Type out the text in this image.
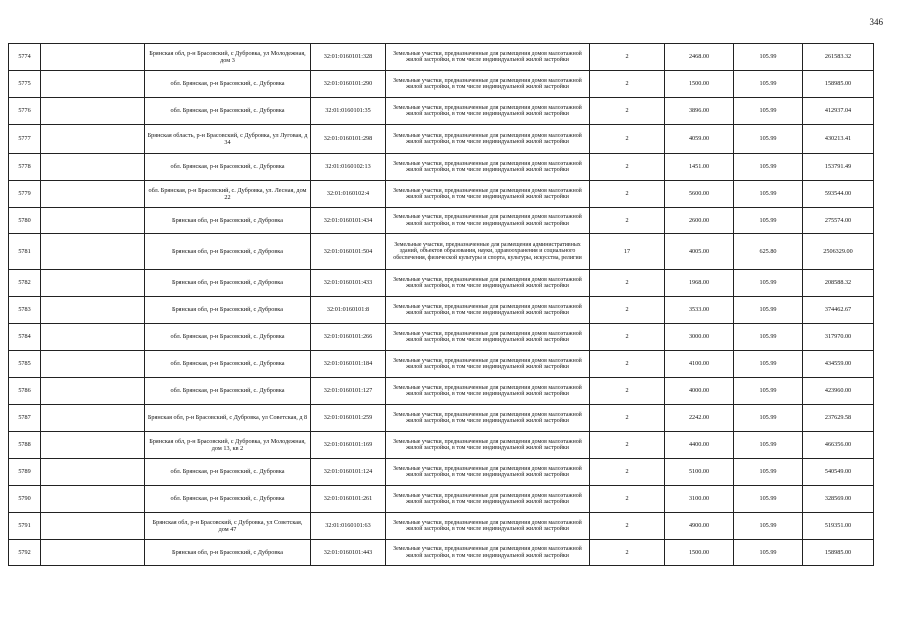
346
5774		Брянская обл, р-н Брасовский, с Дубровка, ул Молодежная, дом 3	32:01:0160101:328	Земельные участки, предназначенные для размещения домов малоэтажной жилой застройки, в том числе индивидуальной жилой застройки	2	2468.00	105.99	261583.32
5775		обл. Брянская, р-н Брасовский, с. Дубровка	32:01:0160101:290	Земельные участки, предназначенные для размещения домов малоэтажной жилой застройки, в том числе индивидуальной жилой застройки	2	1500.00	105.99	158985.00
5776		обл. Брянская, р-н Брасовский, с. Дубровка	32:01:0160101:35	Земельные участки, предназначенные для размещения домов малоэтажной жилой застройки, в том числе индивидуальной жилой застройки	2	3896.00	105.99	412937.04
5777		Брянская область, р-н Брасовский, с Дубровка, ул Луговая, д 34	32:01:0160101:298	Земельные участки, предназначенные для размещения домов малоэтажной жилой застройки, в том числе индивидуальной жилой застройки	2	4059.00	105.99	430213.41
5778		обл. Брянская, р-н Брасовский, с. Дубровка	32:01:0160102:13	Земельные участки, предназначенные для размещения домов малоэтажной жилой застройки, в том числе индивидуальной жилой застройки	2	1451.00	105.99	153791.49
5779		обл. Брянская, р-н Брасовский, с. Дубровка, ул. Лесная, дом 22	32:01:0160102:4	Земельные участки, предназначенные для размещения домов малоэтажной жилой застройки, в том числе индивидуальной жилой застройки	2	5600.00	105.99	593544.00
5780		Брянская обл, р-н Брасовский, с Дубровка	32:01:0160101:434	Земельные участки, предназначенные для размещения домов малоэтажной жилой застройки, в том числе индивидуальной жилой застройки	2	2600.00	105.99	275574.00
5781		Брянская обл, р-н Брасовский, с Дубровка	32:01:0160101:504	Земельные участки, предназначенные для размещения административных зданий, объектов образования, науки, здравоохранения и социального обеспечения, физической культуры и спорта, культуры, искусства, религии	17	4005.00	625.80	2506329.00
5782		Брянская обл, р-н Брасовский, с Дубровка	32:01:0160101:433	Земельные участки, предназначенные для размещения домов малоэтажной жилой застройки, в том числе индивидуальной жилой застройки	2	1968.00	105.99	208588.32
5783		Брянская обл, р-н Брасовский, с Дубровка	32:01:0160101:8	Земельные участки, предназначенные для размещения домов малоэтажной жилой застройки, в том числе индивидуальной жилой застройки	2	3533.00	105.99	374462.67
5784		обл. Брянская, р-н Брасовский, с. Дубровка	32:01:0160101:266	Земельные участки, предназначенные для размещения домов малоэтажной жилой застройки, в том числе индивидуальной жилой застройки	2	3000.00	105.99	317970.00
5785		обл. Брянская, р-н Брасовский, с. Дубровка	32:01:0160101:184	Земельные участки, предназначенные для размещения домов малоэтажной жилой застройки, в том числе индивидуальной жилой застройки	2	4100.00	105.99	434559.00
5786		обл. Брянская, р-н Брасовский, с. Дубровка	32:01:0160101:127	Земельные участки, предназначенные для размещения домов малоэтажной жилой застройки, в том числе индивидуальной жилой застройки	2	4000.00	105.99	423960.00
5787		Брянская обл, р-н Брасовский, с Дубровка, ул Советская, д 8	32:01:0160101:259	Земельные участки, предназначенные для размещения домов малоэтажной жилой застройки, в том числе индивидуальной жилой застройки	2	2242.00	105.99	237629.58
5788		Брянская обл, р-н Брасовский, с Дубровка, ул Молодежная, дом 13, кв 2	32:01:0160101:169	Земельные участки, предназначенные для размещения домов малоэтажной жилой застройки, в том числе индивидуальной жилой застройки	2	4400.00	105.99	466356.00
5789		обл. Брянская, р-н Брасовский, с. Дубровка	32:01:0160101:124	Земельные участки, предназначенные для размещения домов малоэтажной жилой застройки, в том числе индивидуальной жилой застройки	2	5100.00	105.99	540549.00
5790		обл. Брянская, р-н Брасовский, с. Дубровка	32:01:0160101:261	Земельные участки, предназначенные для размещения домов малоэтажной жилой застройки, в том числе индивидуальной жилой застройки	2	3100.00	105.99	328569.00
5791		Брянская обл, р-н Брасовский, с Дубровка, ул Советская, дом 47	32:01:0160101:63	Земельные участки, предназначенные для размещения домов малоэтажной жилой застройки, в том числе индивидуальной жилой застройки	2	4900.00	105.99	519351.00
5792		Брянская обл, р-н Брасовский, с Дубровка	32:01:0160101:443	Земельные участки, предназначенные для размещения домов малоэтажной жилой застройки, в том числе индивидуальной жилой застройки	2	1500.00	105.99	158985.00
